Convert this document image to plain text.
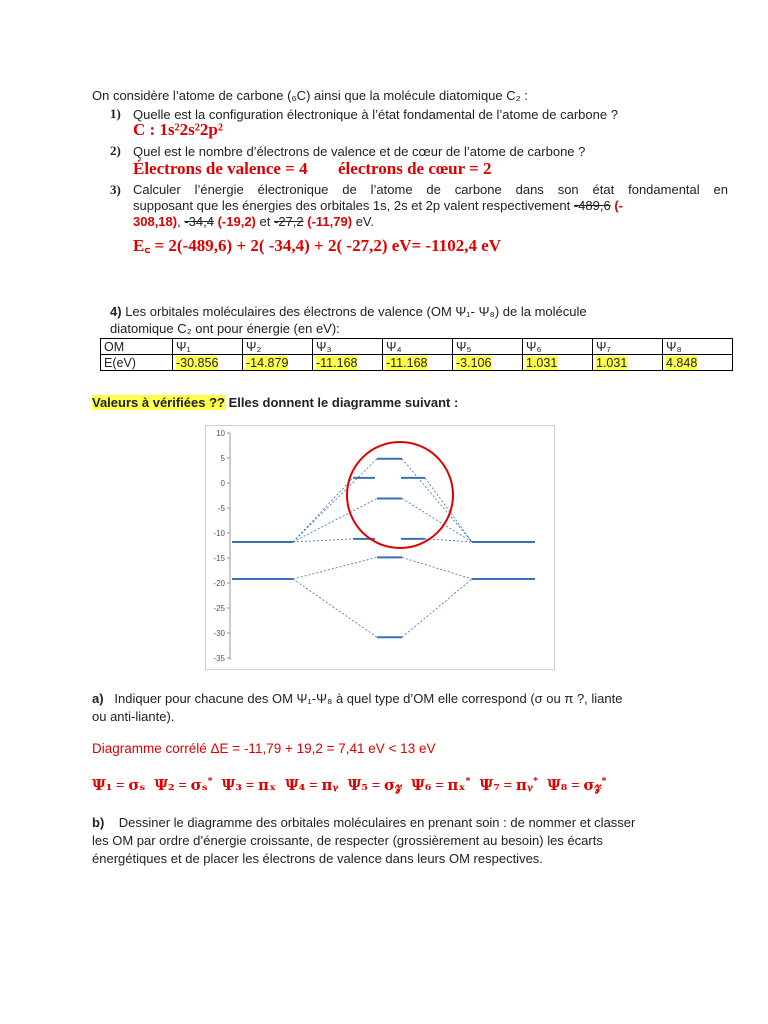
On considère l’atome de carbone (₆C) ainsi que la molécule diatomique C₂ :
1) Quelle est la configuration électronique à l’état fondamental de l’atome de carbone ?
C : 1s²2s²2p²
2) Quel est le nombre d’électrons de valence et de cœur de l’atome de carbone ?
Électrons de valence = 4 électrons de cœur = 2
3) Calculer l’énergie électronique de l’atome de carbone dans son état fondamental en
supposant que les énergies des orbitales 1s, 2s et 2p valent respectivement -489,6 (-
308,18), -34,4 (-19,2) et -27,2 (-11,79) eV.
E꜀ = 2(-489,6) + 2( -34,4) + 2( -27,2) eV= -1102,4 eV
4) Les orbitales moléculaires des électrons de valence (OM Ψ₁- Ψ₈) de la molécule
diatomique C₂ ont pour énergie (en eV):
OM	Ψ₁	Ψ₂	Ψ₃	Ψ₄	Ψ₅	Ψ₆	Ψ₇	Ψ₈
E(eV)	-30.856	-14.879	-11.168	-11.168	-3.106	1.031	1.031	4.848
Valeurs à vérifiées ?? Elles donnent le diagramme suivant :
10
5
0
-5
-10
-15
-20
-25
-30
-35
a) Indiquer pour chacune des OM Ψ₁-Ψ₈ à quel type d’OM elle correspond (σ ou π ?, liante
ou anti-liante).
Diagramme corrélé ΔE = -11,79 + 19,2 = 7,41 eV < 13 eV
Ψ₁ = σₛ Ψ₂ = σₛ* Ψ₃ = πₓ Ψ₄ = πᵧ Ψ₅ = σ𝓏 Ψ₆ = πₓ* Ψ₇ = πᵧ* Ψ₈ = σ𝓏*
b) Dessiner le diagramme des orbitales moléculaires en prenant soin : de nommer et classer
les OM par ordre d’énergie croissante, de respecter (grossièrement au besoin) les écarts
énergétiques et de placer les électrons de valence dans leurs OM respectives.
